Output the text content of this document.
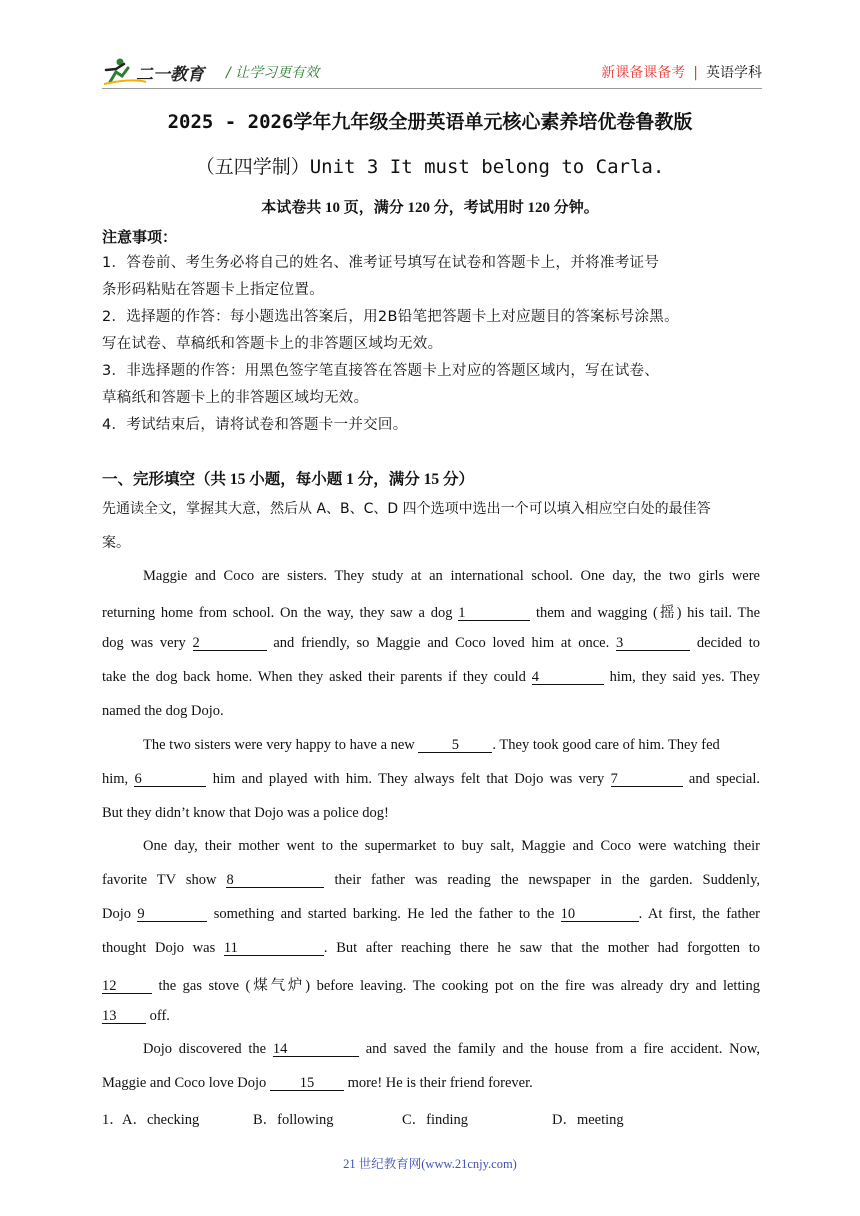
二一教育 / 让学习更有效	新课备课备考 | 英语学科
2025 - 2026学年九年级全册英语单元核心素养培优卷鲁教版
（五四学制）Unit 3 It must belong to Carla.
本试卷共 10 页，满分 120 分，考试用时 120 分钟。
注意事项：
1．答卷前、考生务必将自己的姓名、准考证号填写在试卷和答题卡上，并将准考证号
条形码粘贴在答题卡上指定位置。
2．选择题的作答：每小题选出答案后，用2B铅笔把答题卡上对应题目的答案标号涂黑。
写在试卷、草稿纸和答题卡上的非答题区域均无效。
3．非选择题的作答：用黑色签字笔直接答在答题卡上对应的答题区域内，写在试卷、
草稿纸和答题卡上的非答题区域均无效。
4．考试结束后，请将试卷和答题卡一并交回。
一、完形填空（共 15 小题，每小题 1 分，满分 15 分）
先通读全文，掌握其大意，然后从 A、B、C、D 四个选项中选出一个可以填入相应空白处的最佳答
案。
Maggie and Coco are sisters. They study at an international school. One day, the two girls were
returning home from school. On the way, they saw a dog 1	them and wagging (摇) his tail. The
dog was very 2	and friendly, so Maggie and Coco loved him at once. 3	decided to
take the dog back home. When they asked their parents if they could 4	him, they said yes. They
named the dog Dojo.
The two sisters were very happy to have a new	5 . They took good care of him. They fed
him, 6	him and played with him. They always felt that Dojo was very 7	and special.
But they didn’t know that Dojo was a police dog!
One day, their mother went to the supermarket to buy salt, Maggie and Coco were watching their
favorite TV show 8	their father was reading the newspaper in the garden. Suddenly,
Dojo 9	something and started barking. He led the father to the 10	. At first, the father
thought Dojo was 11	. But after reaching there he saw that the mother had forgotten to
12	the gas stove (煤气炉) before leaving. The cooking pot on the fire was already dry and letting
13 off.
Dojo discovered the 14	and saved the family and the house from a fire accident. Now,
Maggie and Coco love Dojo 15 more! He is their friend forever.
1．
A．checking	B．following	C．finding	D．meeting
21 世纪教育网(www.21cnjy.com)
